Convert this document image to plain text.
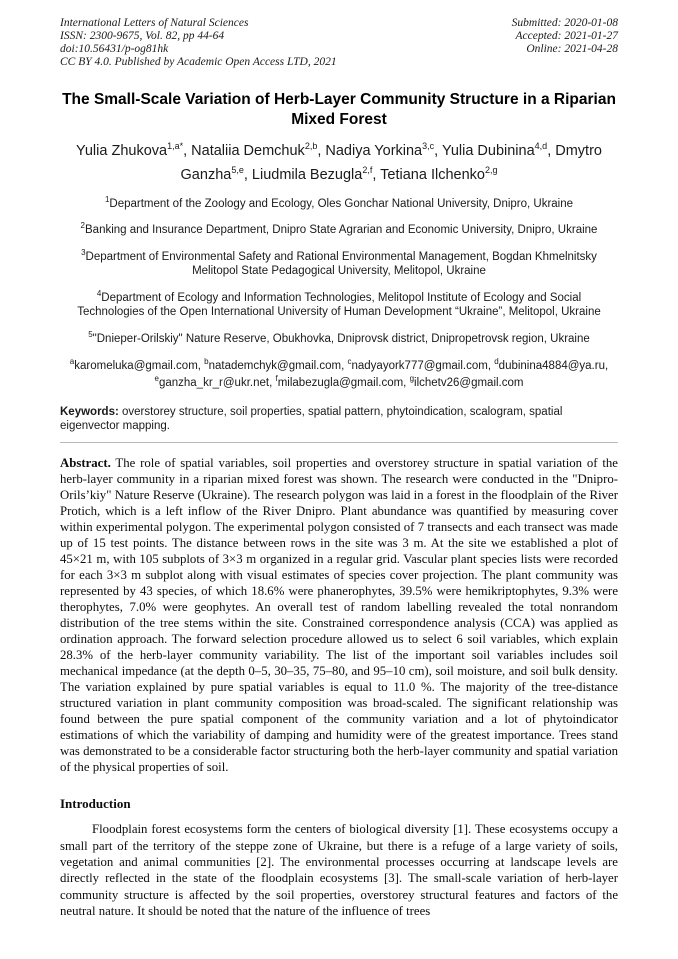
International Letters of Natural Sciences
ISSN: 2300-9675, Vol. 82, pp 44-64
doi:10.56431/p-og81hk
CC BY 4.0. Published by Academic Open Access LTD, 2021
Submitted: 2020-01-08
Accepted: 2021-01-27
Online: 2021-04-28
The Small-Scale Variation of Herb-Layer Community Structure in a Riparian Mixed Forest
Yulia Zhukova$^{1,a*}$, Nataliia Demchuk$^{2,b}$, Nadiya Yorkina$^{3,c}$, Yulia Dubinina$^{4,d}$, Dmytro Ganzha$^{5,e}$, Liudmila Bezugla$^{2,f}$, Tetiana Ilchenko$^{2,g}$
$^1$Department of the Zoology and Ecology, Oles Gonchar National University, Dnipro, Ukraine
$^2$Banking and Insurance Department, Dnipro State Agrarian and Economic University, Dnipro, Ukraine
$^3$Department of Environmental Safety and Rational Environmental Management, Bogdan Khmelnitsky Melitopol State Pedagogical University, Melitopol, Ukraine
$^4$Department of Ecology and Information Technologies, Melitopol Institute of Ecology and Social Technologies of the Open International University of Human Development “Ukraine”, Melitopol, Ukraine
$^5$"Dnieper-Orilskiy" Nature Reserve, Obukhovka, Dniprovsk district, Dnipropetrovsk region, Ukraine
$^a$karomeluka@gmail.com, $^b$natademchyk@gmail.com, $^c$nadyayork777@gmail.com, $^d$dubinina4884@ya.ru, $^e$ganzha_kr_r@ukr.net, $^f$milabezugla@gmail.com, $^g$ilchetv26@gmail.com

Keywords: overstorey structure, soil properties, spatial pattern, phytoindication, scalogram, spatial eigenvector mapping.

Abstract. The role of spatial variables, soil properties and overstorey structure in spatial variation of the herb-layer community in a riparian mixed forest was shown. The research were conducted in the "Dnipro-Orils’kiy" Nature Reserve (Ukraine). The research polygon was laid in a forest in the floodplain of the River Protich, which is a left inflow of the River Dnipro. Plant abundance was quantified by measuring cover within experimental polygon. The experimental polygon consisted of 7 transects and each transect was made up of 15 test points. The distance between rows in the site was 3 m. At the site we established a plot of 45×21 m, with 105 subplots of 3×3 m organized in a regular grid. Vascular plant species lists were recorded for each 3×3 m subplot along with visual estimates of species cover projection. The plant community was represented by 43 species, of which 18.6% were phanerophytes, 39.5% were hemikriptophytes, 9.3% were therophytes, 7.0% were geophytes. An overall test of random labelling revealed the total nonrandom distribution of the tree stems within the site. Constrained correspondence analysis (CCA) was applied as ordination approach. The forward selection procedure allowed us to select 6 soil variables, which explain 28.3% of the herb-layer community variability. The list of the important soil variables includes soil mechanical impedance (at the depth 0–5, 30–35, 75–80, and 95–10 cm), soil moisture, and soil bulk density. The variation explained by pure spatial variables is equal to 11.0 %. The majority of the tree-distance structured variation in plant community composition was broad-scaled. The significant relationship was found between the pure spatial component of the community variation and a lot of phytoindicator estimations of which the variability of damping and humidity were of the greatest importance. Trees stand was demonstrated to be a considerable factor structuring both the herb-layer community and spatial variation of the physical properties of soil.

Introduction

Floodplain forest ecosystems form the centers of biological diversity [1]. These ecosystems occupy a small part of the territory of the steppe zone of Ukraine, but there is a refuge of a large variety of soils, vegetation and animal communities [2]. The environmental processes occurring at landscape levels are directly reflected in the state of the floodplain ecosystems [3]. The small-scale variation of herb-layer community structure is affected by the soil properties, overstorey structural features and factors of the neutral nature. It should be noted that the nature of the influence of trees
